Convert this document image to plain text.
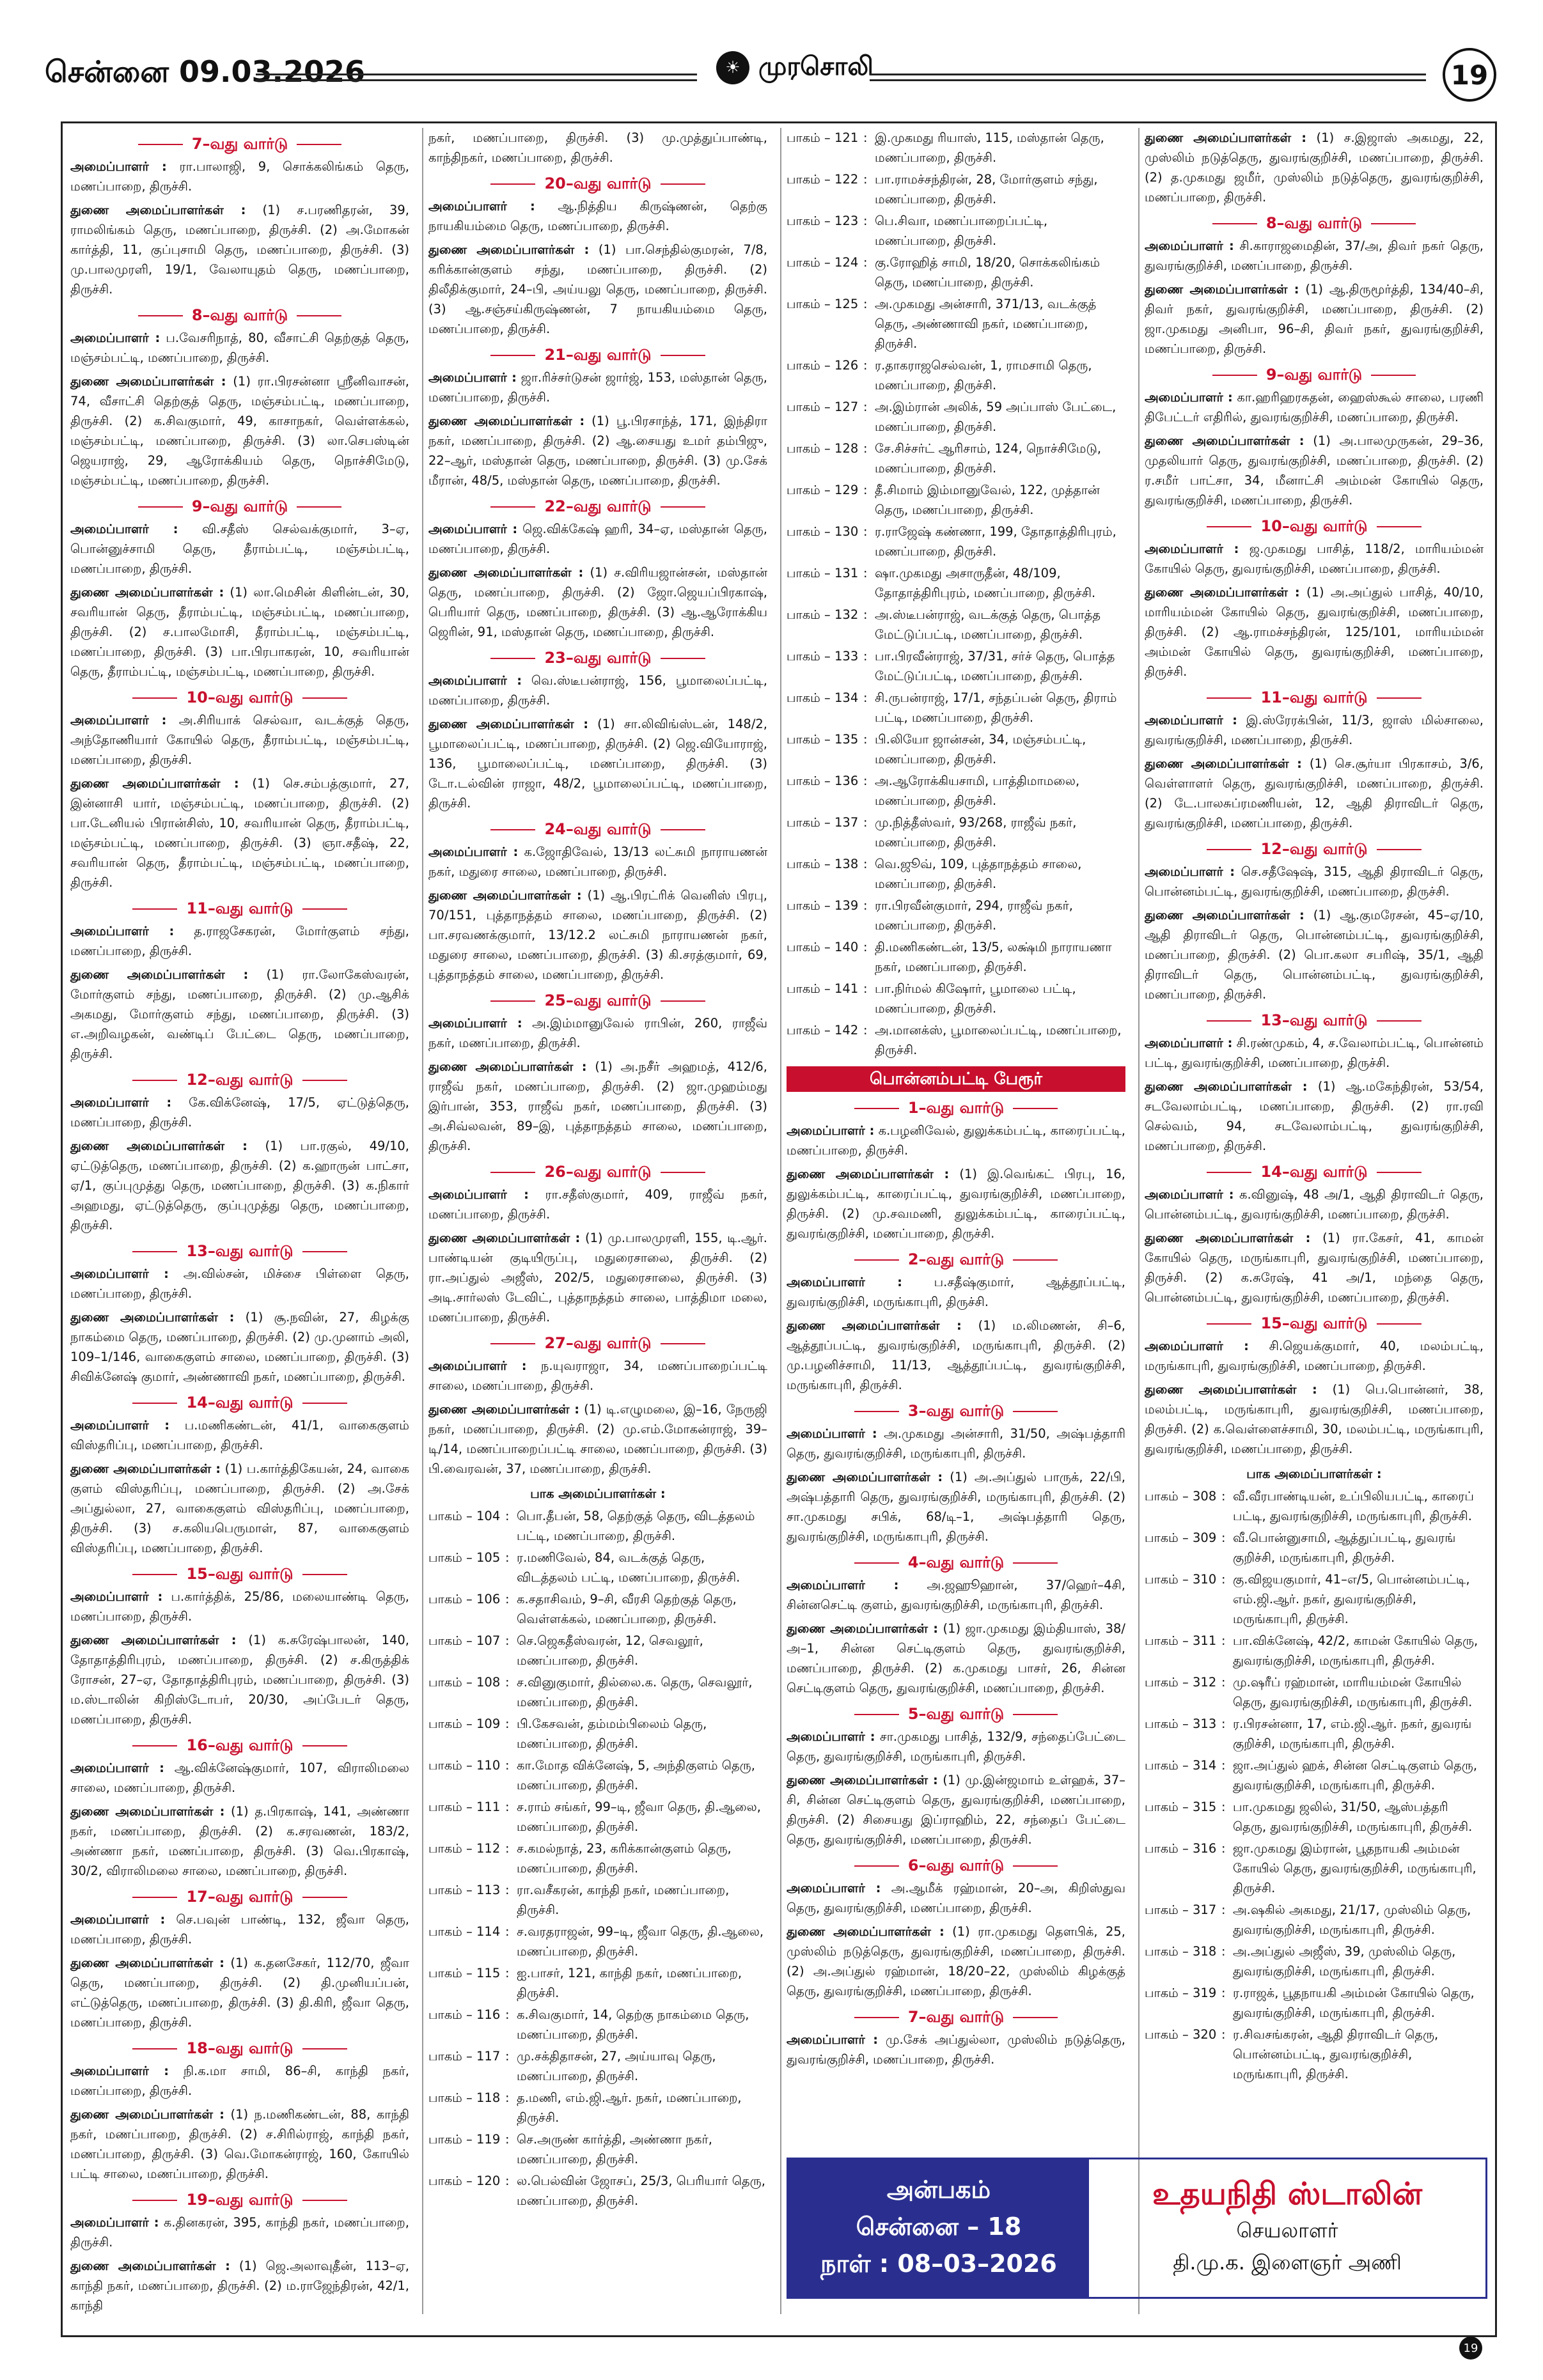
சென்னை 09.03.2026	☀ முரசொலி	19
7–வது வார்டு
அமைப்பாளர் : ரா.பாலாஜி, 9, சொக்கலிங்கம் தெரு, மணப்பாறை, திருச்சி.
துணை அமைப்பாளர்கள் : (1) ச.பரணிதரன், 39, ராமலிங்கம் தெரு, மணப்பாறை, திருச்சி. (2) அ.மோகன் கார்த்தி, 11, குப்புசாமி தெரு, மணப்பாறை, திருச்சி. (3) மு.பாலமுரளி, 19/1, வேலாயுதம் தெரு, மணப்பாறை, திருச்சி.
8–வது வார்டு
அமைப்பாளர் : ப.வேசரிநாத், 80, வீசாட்சி தெற்குத் தெரு, மஞ்சம்பட்டி, மணப்பாறை, திருச்சி.
துணை அமைப்பாளர்கள் : (1) ரா.பிரசன்னா ஸ்ரீனிவாசன், 74, வீசாட்சி தெற்குத் தெரு, மஞ்சம்பட்டி, மணப்பாறை, திருச்சி. (2) க.சிவகுமார், 49, காசாநகர், வெள்ளக்கல், மஞ்சம்பட்டி, மணப்பாறை, திருச்சி. (3) லா.செபஸ்டின் ஜெயராஜ், 29, ஆரோக்கியம் தெரு, நொச்சிமேடு, மஞ்சம்பட்டி, மணப்பாறை, திருச்சி.
9–வது வார்டு
அமைப்பாளர் : வி.சதீஸ் செல்வக்குமார், 3–ஏ, பொன்னுச்சாமி தெரு, தீராம்பட்டி, மஞ்சம்பட்டி, மணப்பாறை, திருச்சி.
துணை அமைப்பாளர்கள் : (1) லா.மெசின் கிளின்டன், 30, சவரியான் தெரு, தீராம்பட்டி, மஞ்சம்பட்டி, மணப்பாறை, திருச்சி. (2) ச.பாலமோசி, தீராம்பட்டி, மஞ்சம்பட்டி, மணப்பாறை, திருச்சி. (3) பா.பிரபாகரன், 10, சவரியான் தெரு, தீராம்பட்டி, மஞ்சம்பட்டி, மணப்பாறை, திருச்சி.
10–வது வார்டு
அமைப்பாளர் : அ.சிரியாக் செல்வா, வடக்குத் தெரு, அந்தோணியார் கோயில் தெரு, தீராம்பட்டி, மஞ்சம்பட்டி, மணப்பாறை, திருச்சி.
துணை அமைப்பாளர்கள் : (1) செ.சம்பத்குமார், 27, இன்னாசி யார், மஞ்சம்பட்டி, மணப்பாறை, திருச்சி. (2) பா.டேனியல் பிரான்சிஸ், 10, சவரியான் தெரு, தீராம்பட்டி, மஞ்சம்பட்டி, மணப்பாறை, திருச்சி. (3) ஞா.சதீஷ், 22, சவரியான் தெரு, தீராம்பட்டி, மஞ்சம்பட்டி, மணப்பாறை, திருச்சி.
11–வது வார்டு
அமைப்பாளர் : த.ராஜசேகரன், மோர்குளம் சந்து, மணப்பாறை, திருச்சி.
துணை அமைப்பாளர்கள் : (1) ரா.லோகேஸ்வரன், மோர்குளம் சந்து, மணப்பாறை, திருச்சி. (2) மு.ஆசிக் அகமது, மோர்குளம் சந்து, மணப்பாறை, திருச்சி. (3) எ.அறிவழகன், வண்டிப் பேட்டை தெரு, மணப்பாறை, திருச்சி.
12–வது வார்டு
அமைப்பாளர் : கே.விக்னேஷ், 17/5, ஏட்டுத்தெரு, மணப்பாறை, திருச்சி.
துணை அமைப்பாளர்கள் : (1) பா.ரகுல், 49/10, ஏட்டுத்தெரு, மணப்பாறை, திருச்சி. (2) க.ஹாருன் பாட்சா, ஏ/1, குப்புமுத்து தெரு, மணப்பாறை, திருச்சி. (3) க.நிகார் அஹமது, ஏட்டுத்தெரு, குப்புமுத்து தெரு, மணப்பாறை, திருச்சி.
13–வது வார்டு
அமைப்பாளர் : அ.வில்சன், மிச்சை பிள்ளை தெரு, மணப்பாறை, திருச்சி.
துணை அமைப்பாளர்கள் : (1) சூ.நவின், 27, கிழக்கு நாகம்மை தெரு, மணப்பாறை, திருச்சி. (2) மு.முனாம் அலி, 109–1/146, வாகைகுளம் சாலை, மணப்பாறை, திருச்சி. (3) சிவிக்னேஷ் குமார், அண்ணாவி நகர், மணப்பாறை, திருச்சி.
14–வது வார்டு
அமைப்பாளர் : ப.மணிகண்டன், 41/1, வாகைகுளம் விஸ்தரிப்பு, மணப்பாறை, திருச்சி.
துணை அமைப்பாளர்கள் : (1) ப.கார்த்திகேயன், 24, வாகை குளம் விஸ்தரிப்பு, மணப்பாறை, திருச்சி. (2) அ.சேக் அப்துல்லா, 27, வாகைகுளம் விஸ்தரிப்பு, மணப்பாறை, திருச்சி. (3) ச.கலியபெருமாள், 87, வாகைகுளம் விஸ்தரிப்பு, மணப்பாறை, திருச்சி.
15–வது வார்டு
அமைப்பாளர் : ப.கார்த்திக், 25/86, மலையாண்டி தெரு, மணப்பாறை, திருச்சி.
துணை அமைப்பாளர்கள் : (1) க.சுரேஷ்பாலன், 140, தோதாத்திரிபுரம், மணப்பாறை, திருச்சி. (2) ச.கிருத்திக் ரோசன், 27–ஏ, தோதாத்திரிபுரம், மணப்பாறை, திருச்சி. (3) ம.ஸ்டாலின் கிறிஸ்டோபர், 20/30, அப்பேடர் தெரு, மணப்பாறை, திருச்சி.
16–வது வார்டு
அமைப்பாளர் : ஆ.விக்னேஷ்குமார், 107, விராலிமலை சாலை, மணப்பாறை, திருச்சி.
துணை அமைப்பாளர்கள் : (1) த.பிரகாஷ், 141, அண்ணா நகர், மணப்பாறை, திருச்சி. (2) க.சரவணன், 183/2, அண்ணா நகர், மணப்பாறை, திருச்சி. (3) வெ.பிரகாஷ், 30/2, விராலிமலை சாலை, மணப்பாறை, திருச்சி.
17–வது வார்டு
அமைப்பாளர் : செ.பவுன் பாண்டி, 132, ஜீவா தெரு, மணப்பாறை, திருச்சி.
துணை அமைப்பாளர்கள் : (1) க.தனசேகர், 112/70, ஜீவா தெரு, மணப்பாறை, திருச்சி. (2) தி.முனியப்பன், எட்டுத்தெரு, மணப்பாறை, திருச்சி. (3) தி.கிரி, ஜீவா தெரு, மணப்பாறை, திருச்சி.
18–வது வார்டு
அமைப்பாளர் : நி.க.மா சாமி, 86–சி, காந்தி நகர், மணப்பாறை, திருச்சி.
துணை அமைப்பாளர்கள் : (1) ந.மணிகண்டன், 88, காந்தி நகர், மணப்பாறை, திருச்சி. (2) ச.சிரில்ராஜ், காந்தி நகர், மணப்பாறை, திருச்சி. (3) வெ.மோகன்ராஜ், 160, கோயில் பட்டி சாலை, மணப்பாறை, திருச்சி.
19–வது வார்டு
அமைப்பாளர் : க.தினகரன், 395, காந்தி நகர், மணப்பாறை, திருச்சி.
துணை அமைப்பாளர்கள் : (1) ஜெ.அலாவுதீன், 113–ஏ, காந்தி நகர், மணப்பாறை, திருச்சி. (2) ம.ராஜேந்திரன், 42/1, காந்தி
நகர், மணப்பாறை, திருச்சி. (3) மு.முத்துப்பாண்டி, காந்திநகர், மணப்பாறை, திருச்சி.
20–வது வார்டு
அமைப்பாளர் : ஆ.நித்திய கிருஷ்ணன், தெற்கு நாயகியம்மை தெரு, மணப்பாறை, திருச்சி.
துணை அமைப்பாளர்கள் : (1) பா.செந்தில்குமரன், 7/8, கரிக்கான்குளம் சந்து, மணப்பாறை, திருச்சி. (2) திலீதிக்குமார், 24–பி, அய்யலு தெரு, மணப்பாறை, திருச்சி. (3) ஆ.சஞ்சய்கிருஷ்ணன், 7 நாயகியம்மை தெரு, மணப்பாறை, திருச்சி.
21–வது வார்டு
அமைப்பாளர் : ஜா.ரிச்சர்டுசன் ஜார்ஜ், 153, மஸ்தான் தெரு, மணப்பாறை, திருச்சி.
துணை அமைப்பாளர்கள் : (1) பூ.பிரசாந்த், 171, இந்திரா நகர், மணப்பாறை, திருச்சி. (2) ஆ.சையது உமர் தம்பிஜு, 22–ஆர், மஸ்தான் தெரு, மணப்பாறை, திருச்சி. (3) மு.சேக் மீரான், 48/5, மஸ்தான் தெரு, மணப்பாறை, திருச்சி.
22–வது வார்டு
அமைப்பாளர் : ஜெ.விக்கேஷ் ஹரி, 34–ஏ, மஸ்தான் தெரு, மணப்பாறை, திருச்சி.
துணை அமைப்பாளர்கள் : (1) ச.விரியஜான்சன், மஸ்தான் தெரு, மணப்பாறை, திருச்சி. (2) ஜோ.ஜெயப்பிரகாஷ், பெரியார் தெரு, மணப்பாறை, திருச்சி. (3) ஆ.ஆரோக்கிய ஜெரின், 91, மஸ்தான் தெரு, மணப்பாறை, திருச்சி.
23–வது வார்டு
அமைப்பாளர் : வெ.ஸ்டீபன்ராஜ், 156, பூமாலைப்பட்டி, மணப்பாறை, திருச்சி.
துணை அமைப்பாளர்கள் : (1) சா.லிவிங்ஸ்டன், 148/2, பூமாலைப்பட்டி, மணப்பாறை, திருச்சி. (2) ஜெ.வியோராஜ், 136, பூமாலைப்பட்டி, மணப்பாறை, திருச்சி. (3) டோ.டல்வின் ராஜா, 48/2, பூமாலைப்பட்டி, மணப்பாறை, திருச்சி.
24–வது வார்டு
அமைப்பாளர் : க.ஜோதிவேல், 13/13 லட்சுமி நாராயணன் நகர், மதுரை சாலை, மணப்பாறை, திருச்சி.
துணை அமைப்பாளர்கள் : (1) ஆ.பிரட்ரிக் வெனிஸ் பிரபு, 70/151, புத்தாநத்தம் சாலை, மணப்பாறை, திருச்சி. (2) பா.சரவணக்குமார், 13/12.2 லட்சுமி நாராயணன் நகர், மதுரை சாலை, மணப்பாறை, திருச்சி. (3) கி.சரத்குமார், 69, புத்தாநத்தம் சாலை, மணப்பாறை, திருச்சி.
25–வது வார்டு
அமைப்பாளர் : அ.இம்மானுவேல் ராபின், 260, ராஜீவ் நகர், மணப்பாறை, திருச்சி.
துணை அமைப்பாளர்கள் : (1) அ.நசீர் அஹமத், 412/6, ராஜீவ் நகர், மணப்பாறை, திருச்சி. (2) ஜா.முஹம்மது இர்பான், 353, ராஜீவ் நகர், மணப்பாறை, திருச்சி. (3) அ.சிவ்லவன், 89–இ, புத்தாநத்தம் சாலை, மணப்பாறை, திருச்சி.
26–வது வார்டு
அமைப்பாளர் : ரா.சதீஸ்குமார், 409, ராஜீவ் நகர், மணப்பாறை, திருச்சி.
துணை அமைப்பாளர்கள் : (1) மு.பாலமுரளி, 155, டி.ஆர். பாண்டியன் குடியிருப்பு, மதுரைசாலை, திருச்சி. (2) ரா.அப்துல் அஜீஸ், 202/5, மதுரைசாலை, திருச்சி. (3) அடி.சார்லஸ் டேவிட், புத்தாநத்தம் சாலை, பாத்திமா மலை, மணப்பாறை, திருச்சி.
27–வது வார்டு
அமைப்பாளர் : ந.யுவராஜா, 34, மணப்பாறைப்பட்டி சாலை, மணப்பாறை, திருச்சி.
துணை அமைப்பாளர்கள் : (1) டி.எழுமலை, இ–16, நேருஜி நகர், மணப்பாறை, திருச்சி. (2) மு.எம்.மோகன்ராஜ், 39–டி/14, மணப்பாறைப்பட்டி சாலை, மணப்பாறை, திருச்சி. (3) பி.வைரவன், 37, மணப்பாறை, திருச்சி.
பாக அமைப்பாளர்கள் :
பாகம் – 104 : பொ.தீபன், 58, தெற்குத் தெரு, விடத்தலம் பட்டி, மணப்பாறை, திருச்சி.
பாகம் – 105 : ர.மணிவேல், 84, வடக்குத் தெரு, விடத்தலம் பட்டி, மணப்பாறை, திருச்சி.
பாகம் – 106 : க.சதாசிவம், 9–சி, வீரசி தெற்குத் தெரு, வெள்ளக்கல், மணப்பாறை, திருச்சி.
பாகம் – 107 : செ.ஜெகதீஸ்வரன், 12, செவலூர், மணப்பாறை, திருச்சி.
பாகம் – 108 : ச.வினுகுமார், தில்லை.க. தெரு, செவலூர், மணப்பாறை, திருச்சி.
பாகம் – 109 : பி.கேசவன், தம்மம்பிலைம் தெரு, மணப்பாறை, திருச்சி.
பாகம் – 110 : கா.மோத விக்னேஷ், 5, அந்திகுளம் தெரு, மணப்பாறை, திருச்சி.
பாகம் – 111 : ச.ராம் சங்கர், 99–டி, ஜீவா தெரு, தி.ஆலை, மணப்பாறை, திருச்சி.
பாகம் – 112 : ச.கமல்நாத், 23, கரிக்கான்குளம் தெரு, மணப்பாறை, திருச்சி.
பாகம் – 113 : ரா.வசீகரன், காந்தி நகர், மணப்பாறை, திருச்சி.
பாகம் – 114 : ச.வரதராஜன், 99–டி, ஜீவா தெரு, தி.ஆலை, மணப்பாறை, திருச்சி.
பாகம் – 115 : ஐ.பாசர், 121, காந்தி நகர், மணப்பாறை, திருச்சி.
பாகம் – 116 : க.சிவகுமார், 14, தெற்கு நாகம்மை தெரு, மணப்பாறை, திருச்சி.
பாகம் – 117 : மு.சக்திதாசன், 27, அய்யாவு தெரு, மணப்பாறை, திருச்சி.
பாகம் – 118 : த.மணி, எம்.ஜி.ஆர். நகர், மணப்பாறை, திருச்சி.
பாகம் – 119 : செ.அருண் கார்த்தி, அண்ணா நகர், மணப்பாறை, திருச்சி.
பாகம் – 120 : ல.பெல்வின் ஜோசப், 25/3, பெரியார் தெரு, மணப்பாறை, திருச்சி.
பாகம் – 121 : இ.முகமது ரியாஸ், 115, மஸ்தான் தெரு, மணப்பாறை, திருச்சி.
பாகம் – 122 : பா.ராமச்சந்திரன், 28, மோர்குளம் சந்து, மணப்பாறை, திருச்சி.
பாகம் – 123 : பெ.சிவா, மணப்பாறைப்பட்டி, மணப்பாறை, திருச்சி.
பாகம் – 124 : கு.ரோஹித் சாமி, 18/20, சொக்கலிங்கம் தெரு, மணப்பாறை, திருச்சி.
பாகம் – 125 : அ.முகமது அன்சாரி, 371/13, வடக்குத் தெரு, அண்ணாவி நகர், மணப்பாறை, திருச்சி.
பாகம் – 126 : ர.தாகராஜசெல்வன், 1, ராமசாமி தெரு, மணப்பாறை, திருச்சி.
பாகம் – 127 : அ.இம்ரான் அலிக், 59 அப்பாஸ் பேட்டை, மணப்பாறை, திருச்சி.
பாகம் – 128 : சே.சிச்சர்ட் ஆரிசாம், 124, நொச்சிமேடு, மணப்பாறை, திருச்சி.
பாகம் – 129 : தீ.சிமாம் இம்மானுவேல், 122, முத்தான் தெரு, மணப்பாறை, திருச்சி.
பாகம் – 130 : ர.ராஜேஷ் கண்ணா, 199, தோதாத்திரிபுரம், மணப்பாறை, திருச்சி.
பாகம் – 131 : ஷா.முகமது அசாருதீன், 48/109, தோதாத்திரிபுரம், மணப்பாறை, திருச்சி.
பாகம் – 132 : அ.ஸ்டீபன்ராஜ், வடக்குத் தெரு, பொத்த மேட்டுப்பட்டி, மணப்பாறை, திருச்சி.
பாகம் – 133 : பா.பிரவீன்ராஜ், 37/31, சர்ச் தெரு, பொத்த மேட்டுப்பட்டி, மணப்பாறை, திருச்சி.
பாகம் – 134 : சி.ருபன்ராஜ், 17/1, சந்தப்பன் தெரு, திராம் பட்டி, மணப்பாறை, திருச்சி.
பாகம் – 135 : பி.லியோ ஜான்சன், 34, மஞ்சம்பட்டி, மணப்பாறை, திருச்சி.
பாகம் – 136 : அ.ஆரோக்கியசாமி, பாத்திமாமலை, மணப்பாறை, திருச்சி.
பாகம் – 137 : மு.நித்தீஸ்வர், 93/268, ராஜீவ் நகர், மணப்பாறை, திருச்சி.
பாகம் – 138 : வெ.ஜூவ், 109, புத்தாநத்தம் சாலை, மணப்பாறை, திருச்சி.
பாகம் – 139 : ரா.பிரவீன்குமார், 294, ராஜீவ் நகர், மணப்பாறை, திருச்சி.
பாகம் – 140 : தி.மணிகண்டன், 13/5, லக்ஷ்மி நாராயணா நகர், மணப்பாறை, திருச்சி.
பாகம் – 141 : பா.நிர்மல் கிஷோர், பூமாலை பட்டி, மணப்பாறை, திருச்சி.
பாகம் – 142 : அ.மானக்ஸ், பூமாலைப்பட்டி, மணப்பாறை, திருச்சி.
பொன்னம்பட்டி பேரூர்
1–வது வார்டு
அமைப்பாளர் : க.பழனிவேல், துலுக்கம்பட்டி, காரைப்பட்டி, மணப்பாறை, திருச்சி.
துணை அமைப்பாளர்கள் : (1) இ.வெங்கட் பிரபு, 16, துலுக்கம்பட்டி, காரைப்பட்டி, துவரங்குறிச்சி, மணப்பாறை, திருச்சி. (2) மு.சவமணி, துலுக்கம்பட்டி, காரைப்பட்டி, துவரங்குறிச்சி, மணப்பாறை, திருச்சி.
2–வது வார்டு
அமைப்பாளர் : ப.சதீஷ்குமார், ஆத்தூப்பட்டி, துவரங்குறிச்சி, மருங்காபுரி, திருச்சி.
துணை அமைப்பாளர்கள் : (1) ம.லிமணன், சி–6, ஆத்தூப்பட்டி, துவரங்குறிச்சி, மருங்காபுரி, திருச்சி. (2) மு.பழனிச்சாமி, 11/13, ஆத்தூப்பட்டி, துவரங்குறிச்சி, மருங்காபுரி, திருச்சி.
3–வது வார்டு
அமைப்பாளர் : அ.முகமது அன்சாரி, 31/50, அஷ்பத்தாரி தெரு, துவரங்குறிச்சி, மருங்காபுரி, திருச்சி.
துணை அமைப்பாளர்கள் : (1) அ.அப்துல் பாருக், 22/பி, அஷ்பத்தாரி தெரு, துவரங்குறிச்சி, மருங்காபுரி, திருச்சி. (2) சா.முகமது சபிக், 68/டி–1, அஷ்பத்தாரி தெரு, துவரங்குறிச்சி, மருங்காபுரி, திருச்சி.
4–வது வார்டு
அமைப்பாளர் : அ.ஜஹூஹான், 37/ஹெர்–4சி, சின்னசெட்டி குளம், துவரங்குறிச்சி, மருங்காபுரி, திருச்சி.
துணை அமைப்பாளர்கள் : (1) ஜா.முகமது இம்தியாஸ், 38/அ–1, சின்ன செட்டிகுளம் தெரு, துவரங்குறிச்சி, மணப்பாறை, திருச்சி. (2) க.முகமது பாசர், 26, சின்ன செட்டிகுளம் தெரு, துவரங்குறிச்சி, மணப்பாறை, திருச்சி.
5–வது வார்டு
அமைப்பாளர் : சா.முகமது பாசித், 132/9, சந்தைப்பேட்டை தெரு, துவரங்குறிச்சி, மருங்காபுரி, திருச்சி.
துணை அமைப்பாளர்கள் : (1) மு.இன்ஜமாம் உள்ஹக், 37–சி, சின்ன செட்டிகுளம் தெரு, துவரங்குறிச்சி, மணப்பாறை, திருச்சி. (2) சிசையது இப்ராஹிம், 22, சந்தைப் பேட்டை தெரு, துவரங்குறிச்சி, மணப்பாறை, திருச்சி.
6–வது வார்டு
அமைப்பாளர் : அ.ஆமீக் ரஹ்மான், 20–அ, கிறிஸ்துவ தெரு, துவரங்குறிச்சி, மணப்பாறை, திருச்சி.
துணை அமைப்பாளர்கள் : (1) ரா.முகமது தௌபிக், 25, முஸ்லிம் நடுத்தெரு, துவரங்குறிச்சி, மணப்பாறை, திருச்சி. (2) அ.அப்துல் ரஹ்மான், 18/20–22, முஸ்லிம் கிழக்குத் தெரு, துவரங்குறிச்சி, மணப்பாறை, திருச்சி.
7–வது வார்டு
அமைப்பாளர் : மு.சேக் அப்துல்லா, முஸ்லிம் நடுத்தெரு, துவரங்குறிச்சி, மணப்பாறை, திருச்சி.
துணை அமைப்பாளர்கள் : (1) ச.இஜாஸ் அகமது, 22, முஸ்லிம் நடுத்தெரு, துவரங்குறிச்சி, மணப்பாறை, திருச்சி. (2) த.முகமது ஜமீர், முஸ்லிம் நடுத்தெரு, துவரங்குறிச்சி, மணப்பாறை, திருச்சி.
8–வது வார்டு
அமைப்பாளர் : சி.காராஜமைதின், 37/அ, திவர் நகர் தெரு, துவரங்குறிச்சி, மணப்பாறை, திருச்சி.
துணை அமைப்பாளர்கள் : (1) ஆ.திருமூர்த்தி, 134/40–சி, திவர் நகர், துவரங்குறிச்சி, மணப்பாறை, திருச்சி. (2) ஜா.முகமது அனிபா, 96–சி, திவர் நகர், துவரங்குறிச்சி, மணப்பாறை, திருச்சி.
9–வது வார்டு
அமைப்பாளர் : கா.ஹரிஹரசுதன், ஹைஸ்கூல் சாலை, பரணி திபேட்டர் எதிரில், துவரங்குறிச்சி, மணப்பாறை, திருச்சி.
துணை அமைப்பாளர்கள் : (1) அ.பாலமுருகன், 29–36, முதலியார் தெரு, துவரங்குறிச்சி, மணப்பாறை, திருச்சி. (2) ர.சமீர் பாட்சா, 34, மீனாட்சி அம்மன் கோயில் தெரு, துவரங்குறிச்சி, மணப்பாறை, திருச்சி.
10–வது வார்டு
அமைப்பாளர் : ஜ.முகமது பாசித், 118/2, மாரியம்மன் கோயில் தெரு, துவரங்குறிச்சி, மணப்பாறை, திருச்சி.
துணை அமைப்பாளர்கள் : (1) அ.அப்துல் பாசித், 40/10, மாரியம்மன் கோயில் தெரு, துவரங்குறிச்சி, மணப்பாறை, திருச்சி. (2) ஆ.ராமச்சந்திரன், 125/101, மாரியம்மன் அம்மன் கோயில் தெரு, துவரங்குறிச்சி, மணப்பாறை, திருச்சி.
11–வது வார்டு
அமைப்பாளர் : இ.ஸ்ரேரக்பின், 11/3, ஜாஸ் மில்சாலை, துவரங்குறிச்சி, மணப்பாறை, திருச்சி.
துணை அமைப்பாளர்கள் : (1) செ.சூர்யா பிரகாசம், 3/6, வெள்ளாளர் தெரு, துவரங்குறிச்சி, மணப்பாறை, திருச்சி. (2) டே.பாலசுப்ரமணியன், 12, ஆதி திராவிடர் தெரு, துவரங்குறிச்சி, மணப்பாறை, திருச்சி.
12–வது வார்டு
அமைப்பாளர் : செ.சதீஷேஷ், 315, ஆதி திராவிடர் தெரு, பொன்னம்பட்டி, துவரங்குறிச்சி, மணப்பாறை, திருச்சி.
துணை அமைப்பாளர்கள் : (1) ஆ.குமரேசன், 45–ஏ/10, ஆதி திராவிடர் தெரு, பொன்னம்பட்டி, துவரங்குறிச்சி, மணப்பாறை, திருச்சி. (2) பொ.கலா சபரிஷ், 35/1, ஆதி திராவிடர் தெரு, பொன்னம்பட்டி, துவரங்குறிச்சி, மணப்பாறை, திருச்சி.
13–வது வார்டு
அமைப்பாளர் : சி.ரண்முகம், 4, ச.வேலாம்பட்டி, பொன்னம் பட்டி, துவரங்குறிச்சி, மணப்பாறை, திருச்சி.
துணை அமைப்பாளர்கள் : (1) ஆ.மகேந்திரன், 53/54, சடவேலாம்பட்டி, மணப்பாறை, திருச்சி. (2) ரா.ரவி செல்வம், 94, சடவேலாம்பட்டி, துவரங்குறிச்சி, மணப்பாறை, திருச்சி.
14–வது வார்டு
அமைப்பாளர் : க.வினுஷ், 48 அ/1, ஆதி திராவிடர் தெரு, பொன்னம்பட்டி, துவரங்குறிச்சி, மணப்பாறை, திருச்சி.
துணை அமைப்பாளர்கள் : (1) ரா.கேசர், 41, காமன் கோயில் தெரு, மருங்காபுரி, துவரங்குறிச்சி, மணப்பாறை, திருச்சி. (2) க.சுரேஷ், 41 அ/1, மந்தை தெரு, பொன்னம்பட்டி, துவரங்குறிச்சி, மணப்பாறை, திருச்சி.
15–வது வார்டு
அமைப்பாளர் : சி.ஜெயக்குமார், 40, மலம்பட்டி, மருங்காபுரி, துவரங்குறிச்சி, மணப்பாறை, திருச்சி.
துணை அமைப்பாளர்கள் : (1) பெ.பொன்னர், 38, மலம்பட்டி, மருங்காபுரி, துவரங்குறிச்சி, மணப்பாறை, திருச்சி. (2) க.வெள்ளைச்சாமி, 30, மலம்பட்டி, மருங்காபுரி, துவரங்குறிச்சி, மணப்பாறை, திருச்சி.
பாக அமைப்பாளர்கள் :
பாகம் – 308 : வீ.வீரபாண்டியன், உப்பிலியபட்டி, காரைப் பட்டி, துவரங்குறிச்சி, மருங்காபுரி, திருச்சி.
பாகம் – 309 : வீ.பொன்னுசாமி, ஆத்துப்பட்டி, துவரங் குறிச்சி, மருங்காபுரி, திருச்சி.
பாகம் – 310 : கு.விஜயகுமார், 41–எ/5, பொன்னம்பட்டி, எம்.ஜி.ஆர். நகர், துவரங்குறிச்சி, மருங்காபுரி, திருச்சி.
பாகம் – 311 : பா.விக்னேஷ், 42/2, காமன் கோயில் தெரு, துவரங்குறிச்சி, மருங்காபுரி, திருச்சி.
பாகம் – 312 : மு.ஷரீப் ரஹ்மான், மாரியம்மன் கோயில் தெரு, துவரங்குறிச்சி, மருங்காபுரி, திருச்சி.
பாகம் – 313 : ர.பிரசன்னா, 17, எம்.ஜி.ஆர். நகர், துவரங் குறிச்சி, மருங்காபுரி, திருச்சி.
பாகம் – 314 : ஜா.அப்துல் ஹக், சின்ன செட்டிகுளம் தெரு, துவரங்குறிச்சி, மருங்காபுரி, திருச்சி.
பாகம் – 315 : பா.முகமது ஜலில், 31/50, ஆஸ்பத்தரி தெரு, துவரங்குறிச்சி, மருங்காபுரி, திருச்சி.
பாகம் – 316 : ஜா.முகமது இம்ரான், பூதநாயகி அம்மன் கோயில் தெரு, துவரங்குறிச்சி, மருங்காபுரி, திருச்சி.
பாகம் – 317 : அ.ஷகில் அகமது, 21/17, முஸ்லிம் தெரு, துவரங்குறிச்சி, மருங்காபுரி, திருச்சி.
பாகம் – 318 : அ.அப்துல் அஜீஸ், 39, முஸ்லிம் தெரு, துவரங்குறிச்சி, மருங்காபுரி, திருச்சி.
பாகம் – 319 : ர.ராஜக், பூதநாயகி அம்மன் கோயில் தெரு, துவரங்குறிச்சி, மருங்காபுரி, திருச்சி.
பாகம் – 320 : ர.சிவசங்கரன், ஆதி திராவிடர் தெரு, பொன்னம்பட்டி, துவரங்குறிச்சி, மருங்காபுரி, திருச்சி.
அன்பகம்
சென்னை – 18
நாள் : 08–03–2026
உதயநிதி ஸ்டாலின்
செயலாளர்
தி.மு.க. இளைஞர் அணி
19
